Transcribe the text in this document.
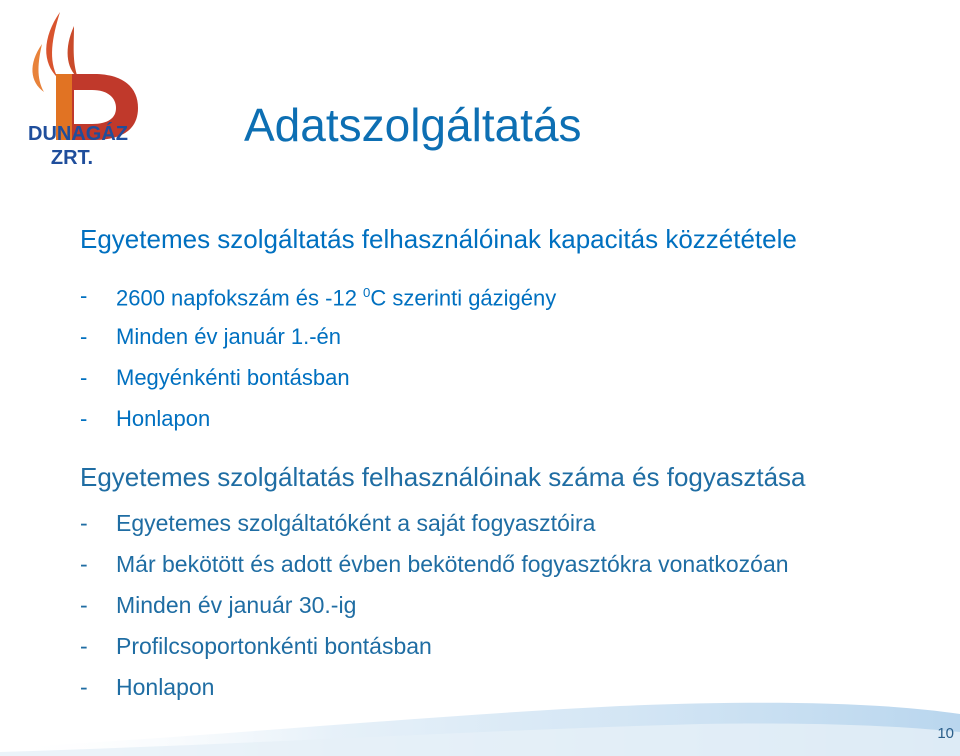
DUNAGÁZ
ZRT.
Adatszolgáltatás
Egyetemes szolgáltatás felhasználóinak kapacitás közzététele
-	2600 napfokszám és -12 $^0$C szerinti gázigény
-	Minden év január 1.-én
-	Megyénkénti bontásban
-	Honlapon
Egyetemes szolgáltatás felhasználóinak száma és fogyasztása
-	Egyetemes szolgáltatóként a saját fogyasztóira
-	Már bekötött és adott évben bekötendő fogyasztókra vonatkozóan
-	Minden év január 30.-ig
-	Profilcsoportonkénti bontásban
-	Honlapon
10
